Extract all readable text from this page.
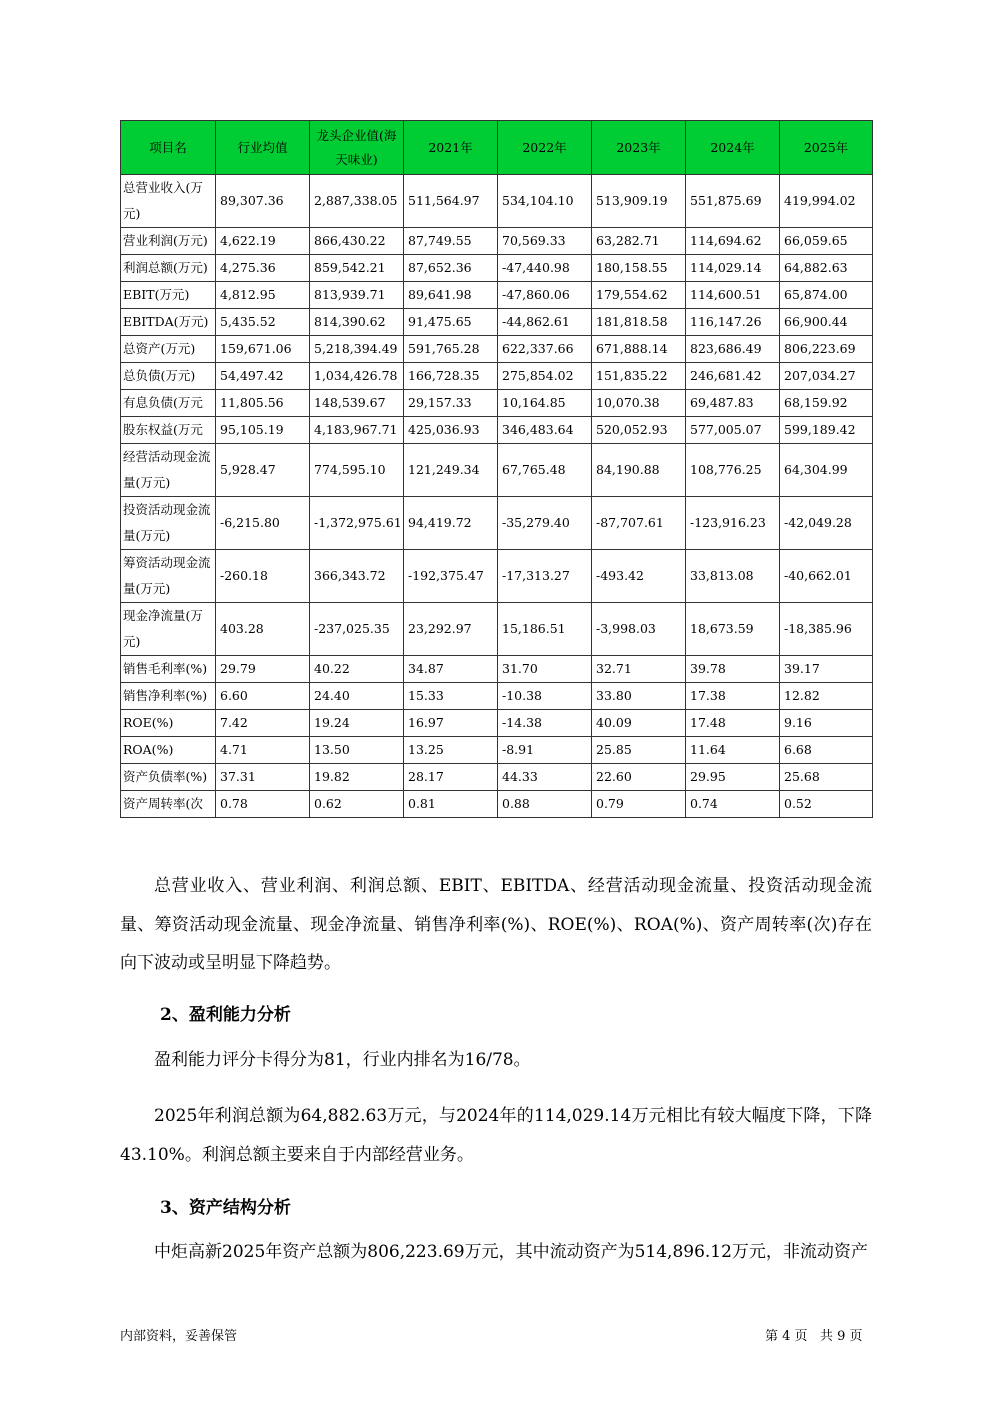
项目名	行业均值	龙头企业值(海天味业)	2021年	2022年	2023年	2024年	2025年
总营业收入(万元)	89,307.36	2,887,338.05	511,564.97	534,104.10	513,909.19	551,875.69	419,994.02
营业利润(万元)	4,622.19	866,430.22	87,749.55	70,569.33	63,282.71	114,694.62	66,059.65
利润总额(万元)	4,275.36	859,542.21	87,652.36	-47,440.98	180,158.55	114,029.14	64,882.63
EBIT(万元)	4,812.95	813,939.71	89,641.98	-47,860.06	179,554.62	114,600.51	65,874.00
EBITDA(万元)	5,435.52	814,390.62	91,475.65	-44,862.61	181,818.58	116,147.26	66,900.44
总资产(万元)	159,671.06	5,218,394.49	591,765.28	622,337.66	671,888.14	823,686.49	806,223.69
总负债(万元)	54,497.42	1,034,426.78	166,728.35	275,854.02	151,835.22	246,681.42	207,034.27
有息负债(万元	11,805.56	148,539.67	29,157.33	10,164.85	10,070.38	69,487.83	68,159.92
股东权益(万元	95,105.19	4,183,967.71	425,036.93	346,483.64	520,052.93	577,005.07	599,189.42
经营活动现金流量(万元)	5,928.47	774,595.10	121,249.34	67,765.48	84,190.88	108,776.25	64,304.99
投资活动现金流量(万元)	-6,215.80	-1,372,975.61	94,419.72	-35,279.40	-87,707.61	-123,916.23	-42,049.28
筹资活动现金流量(万元)	-260.18	366,343.72	-192,375.47	-17,313.27	-493.42	33,813.08	-40,662.01
现金净流量(万元)	403.28	-237,025.35	23,292.97	15,186.51	-3,998.03	18,673.59	-18,385.96
销售毛利率(%)	29.79	40.22	34.87	31.70	32.71	39.78	39.17
销售净利率(%)	6.60	24.40	15.33	-10.38	33.80	17.38	12.82
ROE(%)	7.42	19.24	16.97	-14.38	40.09	17.48	9.16
ROA(%)	4.71	13.50	13.25	-8.91	25.85	11.64	6.68
资产负债率(%)	37.31	19.82	28.17	44.33	22.60	29.95	25.68
资产周转率(次	0.78	0.62	0.81	0.88	0.79	0.74	0.52

总营业收入、营业利润、利润总额、EBIT、EBITDA、经营活动现金流量、投资活动现金流量、筹资活动现金流量、现金净流量、销售净利率(%)、ROE(%)、ROA(%)、资产周转率(次)存在向下波动或呈明显下降趋势。

2、盈利能力分析

盈利能力评分卡得分为81，行业内排名为16/78。

2025年利润总额为64,882.63万元，与2024年的114,029.14万元相比有较大幅度下降，下降43.10%。利润总额主要来自于内部经营业务。

3、资产结构分析

中炬高新2025年资产总额为806,223.69万元，其中流动资产为514,896.12万元，非流动资产

内部资料，妥善保管	第 4 页   共 9 页
